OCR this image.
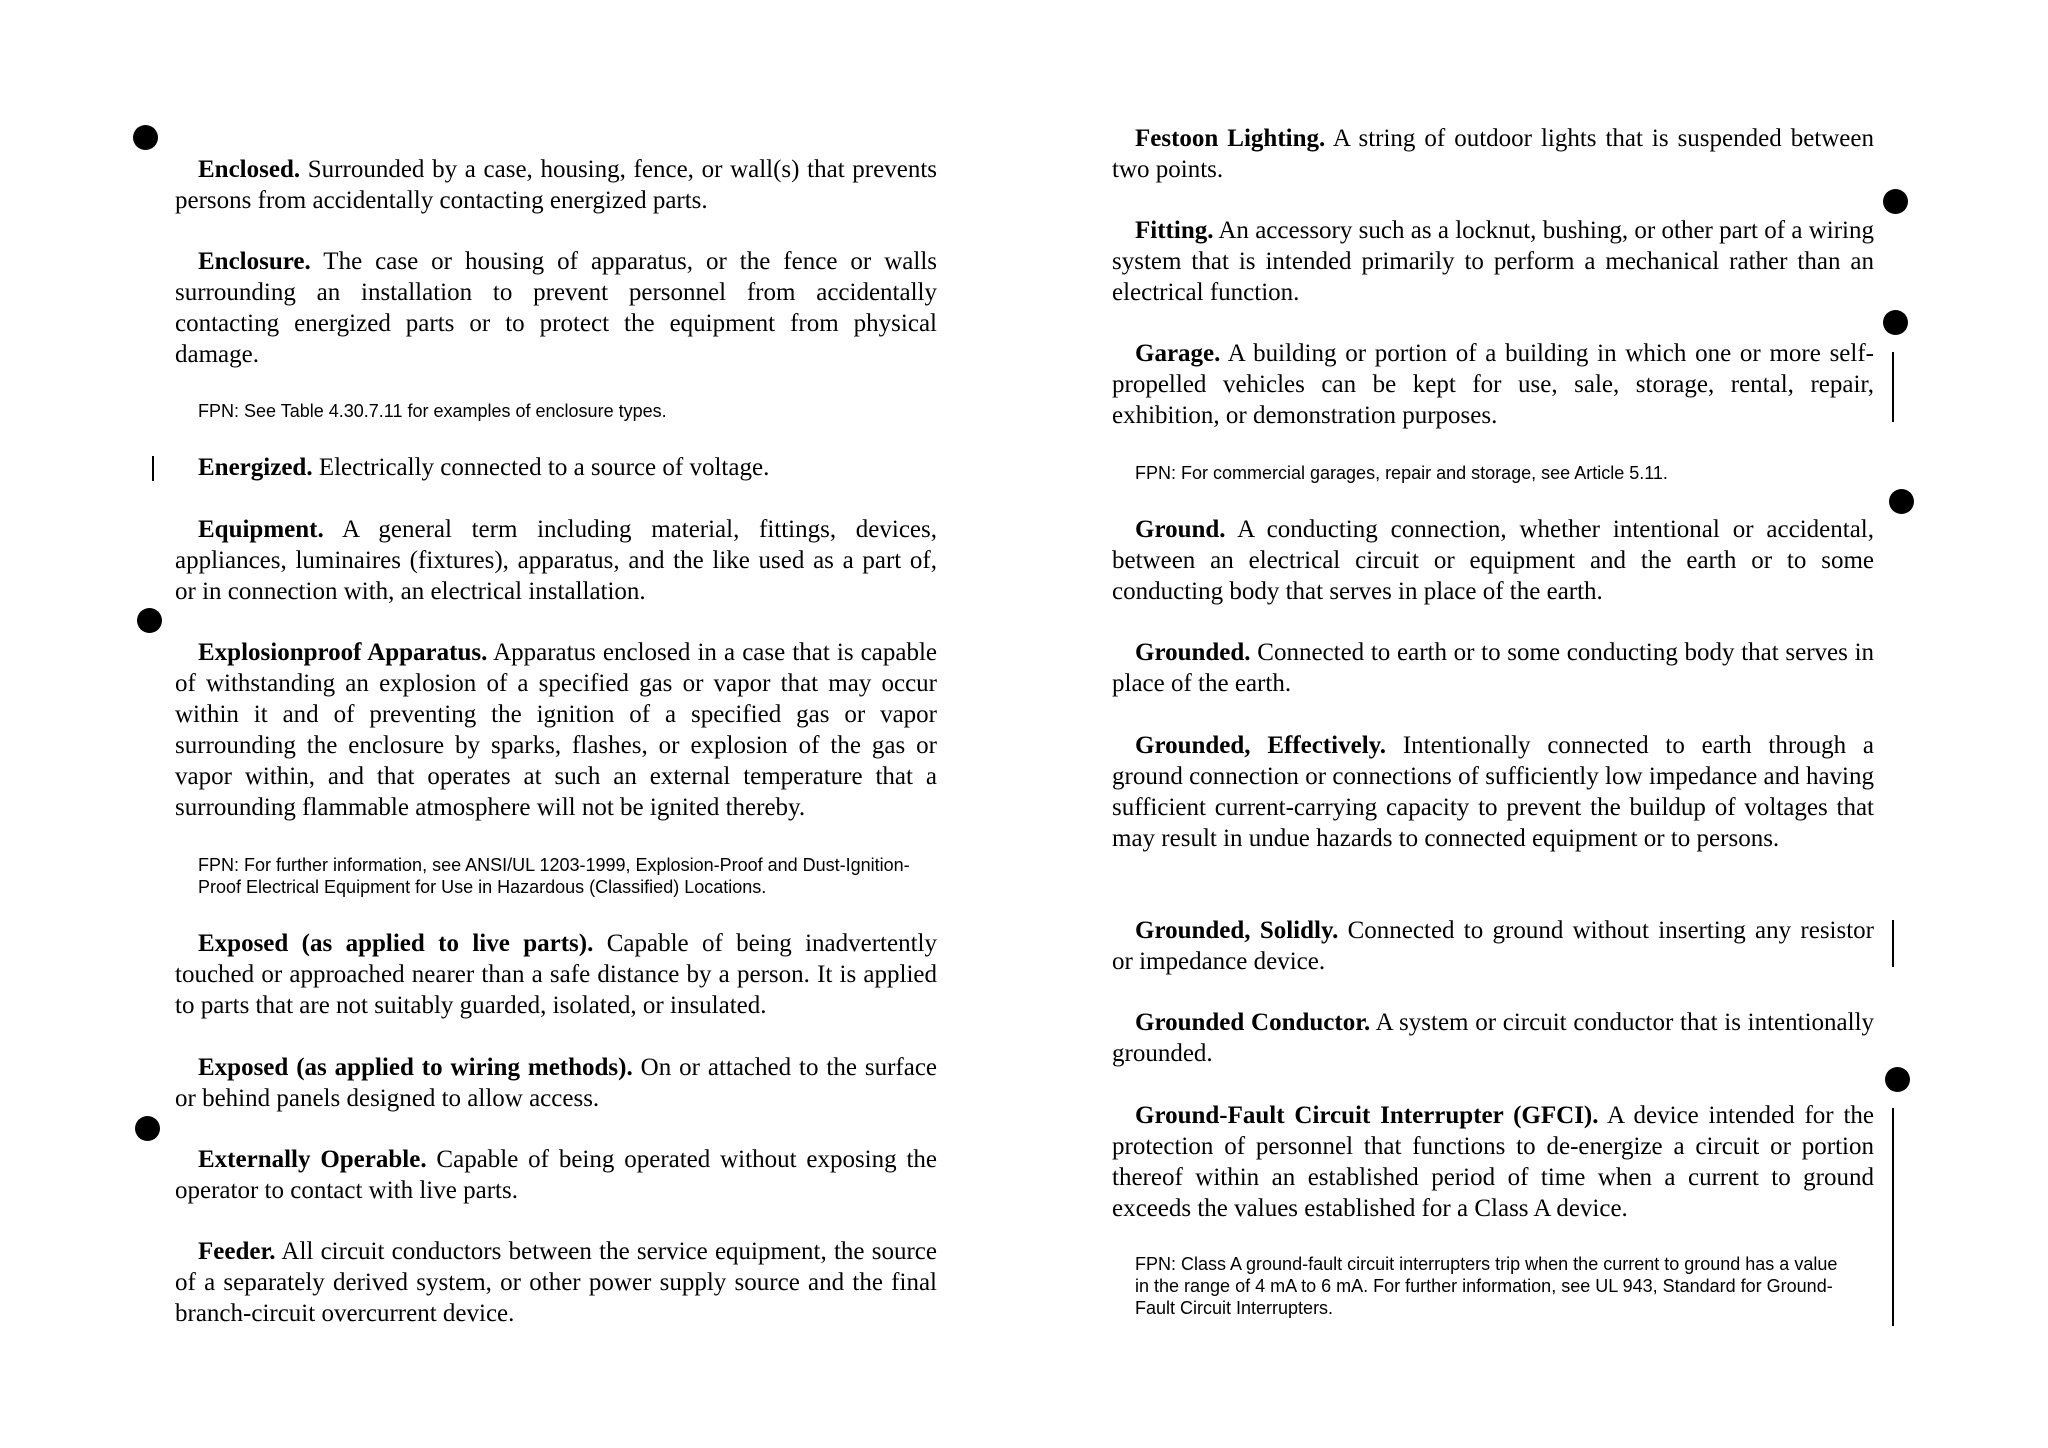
Enclosed. Surrounded by a case, housing, fence, or wall(s) that prevents persons from accidentally contacting energized parts.

Enclosure. The case or housing of apparatus, or the fence or walls surrounding an installation to prevent personnel from accidentally contacting energized parts or to protect the equipment from physical damage.

FPN: See Table 4.30.7.11 for examples of enclosure types.

Energized. Electrically connected to a source of voltage.

Equipment. A general term including material, fittings, devices, appliances, luminaires (fixtures), apparatus, and the like used as a part of, or in connection with, an electrical installation.

Explosionproof Apparatus. Apparatus enclosed in a case that is capable of withstanding an explosion of a specified gas or vapor that may occur within it and of preventing the ignition of a specified gas or vapor surrounding the enclosure by sparks, flashes, or explosion of the gas or vapor within, and that operates at such an external temperature that a surrounding flammable atmosphere will not be ignited thereby.

FPN: For further information, see ANSI/UL 1203-1999, Explosion-Proof and Dust-Ignition-Proof Electrical Equipment for Use in Hazardous (Classified) Locations.

Exposed (as applied to live parts). Capable of being inadvertently touched or approached nearer than a safe distance by a person. It is applied to parts that are not suitably guarded, isolated, or insulated.

Exposed (as applied to wiring methods). On or attached to the surface or behind panels designed to allow access.

Externally Operable. Capable of being operated without exposing the operator to contact with live parts.

Feeder. All circuit conductors between the service equipment, the source of a separately derived system, or other power supply source and the final branch-circuit overcurrent device.

Festoon Lighting. A string of outdoor lights that is suspended between two points.

Fitting. An accessory such as a locknut, bushing, or other part of a wiring system that is intended primarily to perform a mechanical rather than an electrical function.

Garage. A building or portion of a building in which one or more self-propelled vehicles can be kept for use, sale, storage, rental, repair, exhibition, or demonstration purposes.

FPN: For commercial garages, repair and storage, see Article 5.11.

Ground. A conducting connection, whether intentional or accidental, between an electrical circuit or equipment and the earth or to some conducting body that serves in place of the earth.

Grounded. Connected to earth or to some conducting body that serves in place of the earth.

Grounded, Effectively. Intentionally connected to earth through a ground connection or connections of sufficiently low impedance and having sufficient current-carrying capacity to prevent the buildup of voltages that may result in undue hazards to connected equipment or to persons.

Grounded, Solidly. Connected to ground without inserting any resistor or impedance device.

Grounded Conductor. A system or circuit conductor that is intentionally grounded.

Ground-Fault Circuit Interrupter (GFCI). A device intended for the protection of personnel that functions to de-energize a circuit or portion thereof within an established period of time when a current to ground exceeds the values established for a Class A device.

FPN: Class A ground-fault circuit interrupters trip when the current to ground has a value in the range of 4 mA to 6 mA. For further information, see UL 943, Standard for Ground-Fault Circuit Interrupters.
